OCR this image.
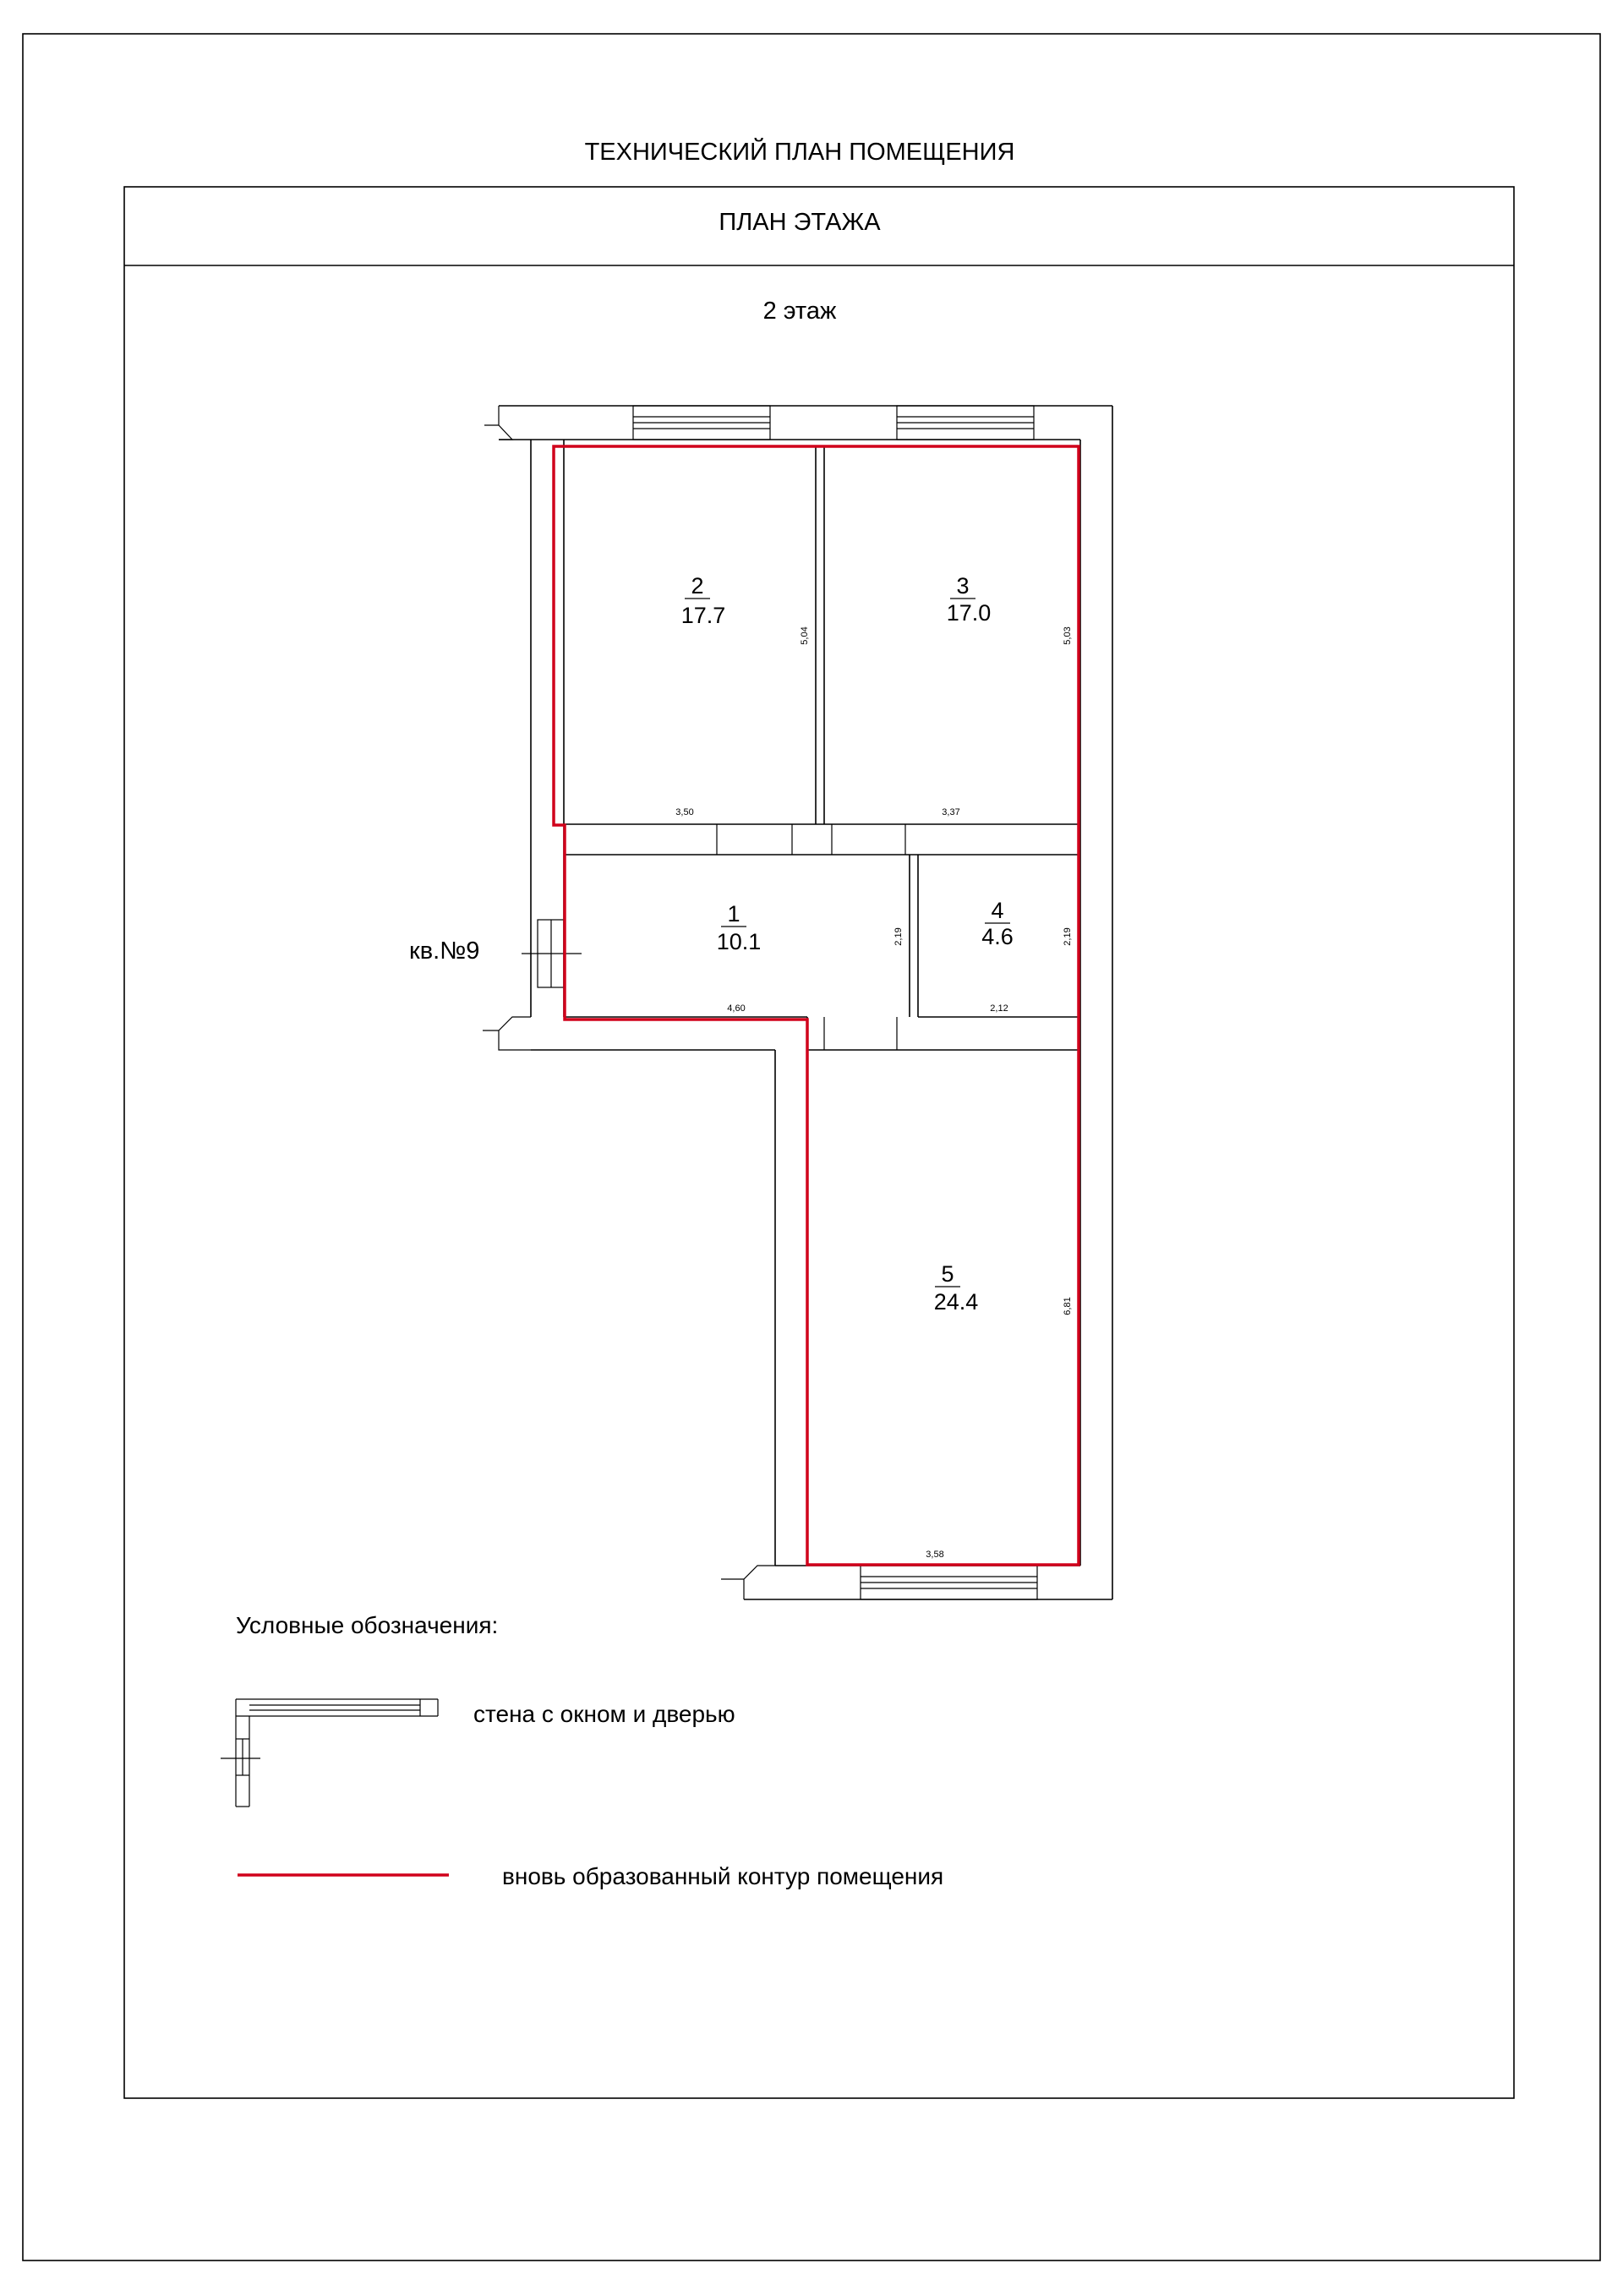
ТЕХНИЧЕСКИЙ ПЛАН ПОМЕЩЕНИЯ
ПЛАН ЭТАЖА
2 этаж
2
17.7
3,50
5,04
3
17.0
3,37
5,03
1
10.1
4,60
2,19
4
4.6
2,12
2,19
5
24.4
3,58
6,81
кв.№9
Условные обозначения:
стена с окном и дверью
вновь образованный контур помещения
